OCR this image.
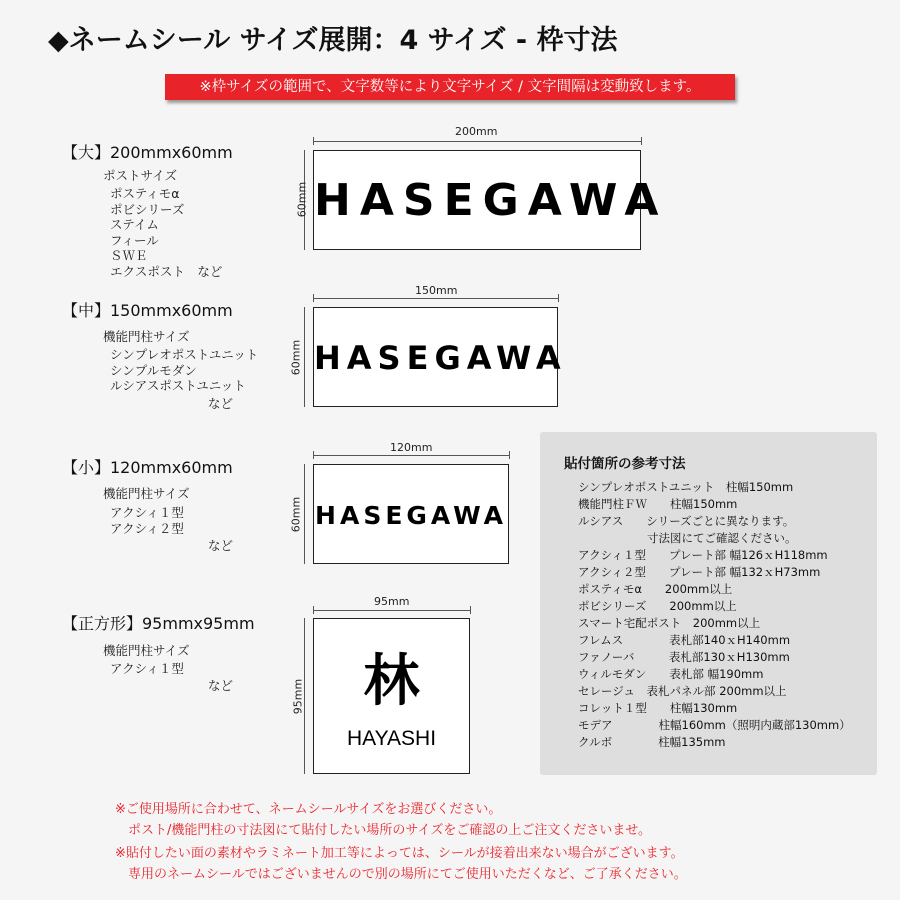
◆ネームシール サイズ展開：4 サイズ - 枠寸法
※枠サイズの範囲で、文字数等により文字サイズ / 文字間隔は変動致します。
【大】200mmx60mm
ポストサイズ
ポスティモα
ポビシリーズ
ステイム
フィール
ＳＷＥ
エクスポスト　など
200mm
60mm HASEGAWA
【中】150mmx60mm
機能門柱サイズ
シンプレオポストユニット
シンプルモダン
ルシアスポストユニット
など
150mm
60mm HASEGAWA
【小】120mmx60mm
機能門柱サイズ
アクシィ１型
アクシィ２型
など
120mm
60mm HASEGAWA
【正方形】95mmx95mm
機能門柱サイズ
アクシィ１型
など
95mm
95mm	林
HAYASHI
貼付箇所の参考寸法
シンプレオポストユニット　柱幅150mm
機能門柱ＦＷ　　柱幅150mm
ルシアス　　シリーズごとに異なります。
　　　　　　寸法図にてご確認ください。
アクシィ１型　　プレート部 幅126ｘH118mm
アクシィ２型　　プレート部 幅132ｘH73mm
ポスティモα　　200mm以上
ポビシリーズ　　200mm以上
スマート宅配ポスト　200mm以上
フレムス　　　　表札部140ｘH140mm
ファノーバ　　　表札部130ｘH130mm
ウィルモダン　　表札部 幅190mm
セレージュ　表札パネル部 200mm以上
コレット１型　　柱幅130mm
モデア　　　　柱幅160mm（照明内蔵部130mm）
クルボ　　　　柱幅135mm
※ご使用場所に合わせて、ネームシールサイズをお選びください。
　ポスト/機能門柱の寸法図にて貼付したい場所のサイズをご確認の上ご注文くださいませ。
※貼付したい面の素材やラミネート加工等によっては、シールが接着出来ない場合がございます。
　専用のネームシールではございませんので別の場所にてご使用いただくなど、ご了承ください。
